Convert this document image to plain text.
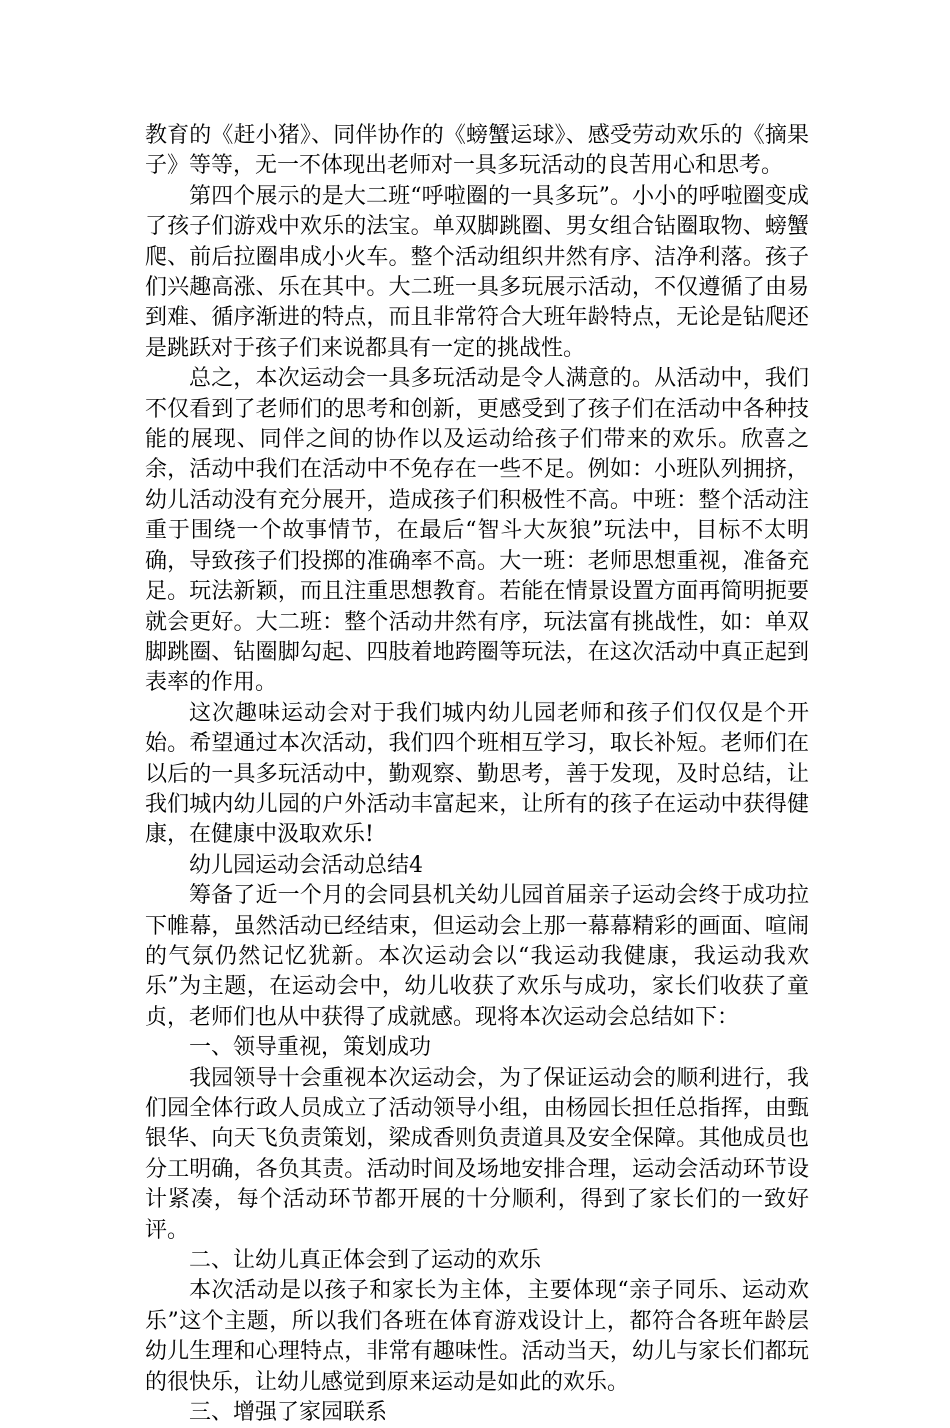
教育的《赶小猪》、同伴协作的《螃蟹运球》、感受劳动欢乐的《摘果子》等等，无一不体现出老师对一具多玩活动的良苦用心和思考。

第四个展示的是大二班“呼啦圈的一具多玩”。小小的呼啦圈变成了孩子们游戏中欢乐的法宝。单双脚跳圈、男女组合钻圈取物、螃蟹爬、前后拉圈串成小火车。整个活动组织井然有序、洁净利落。孩子们兴趣高涨、乐在其中。大二班一具多玩展示活动，不仅遵循了由易到难、循序渐进的特点，而且非常符合大班年龄特点，无论是钻爬还是跳跃对于孩子们来说都具有一定的挑战性。

总之，本次运动会一具多玩活动是令人满意的。从活动中，我们不仅看到了老师们的思考和创新，更感受到了孩子们在活动中各种技能的展现、同伴之间的协作以及运动给孩子们带来的欢乐。欣喜之余，活动中我们在活动中不免存在一些不足。例如：小班队列拥挤，幼儿活动没有充分展开，造成孩子们积极性不高。中班：整个活动注重于围绕一个故事情节，在最后“智斗大灰狼”玩法中，目标不太明确，导致孩子们投掷的准确率不高。大一班：老师思想重视，准备充足。玩法新颖，而且注重思想教育。若能在情景设置方面再简明扼要就会更好。大二班：整个活动井然有序，玩法富有挑战性，如：单双脚跳圈、钻圈脚勾起、四肢着地跨圈等玩法，在这次活动中真正起到表率的作用。

这次趣味运动会对于我们城内幼儿园老师和孩子们仅仅是个开始。希望通过本次活动，我们四个班相互学习，取长补短。老师们在以后的一具多玩活动中，勤观察、勤思考，善于发现，及时总结，让我们城内幼儿园的户外活动丰富起来，让所有的孩子在运动中获得健康，在健康中汲取欢乐!

幼儿园运动会活动总结4

筹备了近一个月的会同县机关幼儿园首届亲子运动会终于成功拉下帷幕，虽然活动已经结束，但运动会上那一幕幕精彩的画面、喧闹的气氛仍然记忆犹新。本次运动会以“我运动我健康，我运动我欢乐”为主题，在运动会中，幼儿收获了欢乐与成功，家长们收获了童贞，老师们也从中获得了成就感。现将本次运动会总结如下：

一、领导重视，策划成功

我园领导十会重视本次运动会，为了保证运动会的顺利进行，我们园全体行政人员成立了活动领导小组，由杨园长担任总指挥，由甄银华、向天飞负责策划，梁成香则负责道具及安全保障。其他成员也分工明确，各负其责。活动时间及场地安排合理，运动会活动环节设计紧凑，每个活动环节都开展的十分顺利，得到了家长们的一致好评。

二、让幼儿真正体会到了运动的欢乐

本次活动是以孩子和家长为主体，主要体现“亲子同乐、运动欢乐”这个主题，所以我们各班在体育游戏设计上，都符合各班年龄层幼儿生理和心理特点，非常有趣味性。活动当天，幼儿与家长们都玩的很快乐，让幼儿感觉到原来运动是如此的欢乐。

三、增强了家园联系
